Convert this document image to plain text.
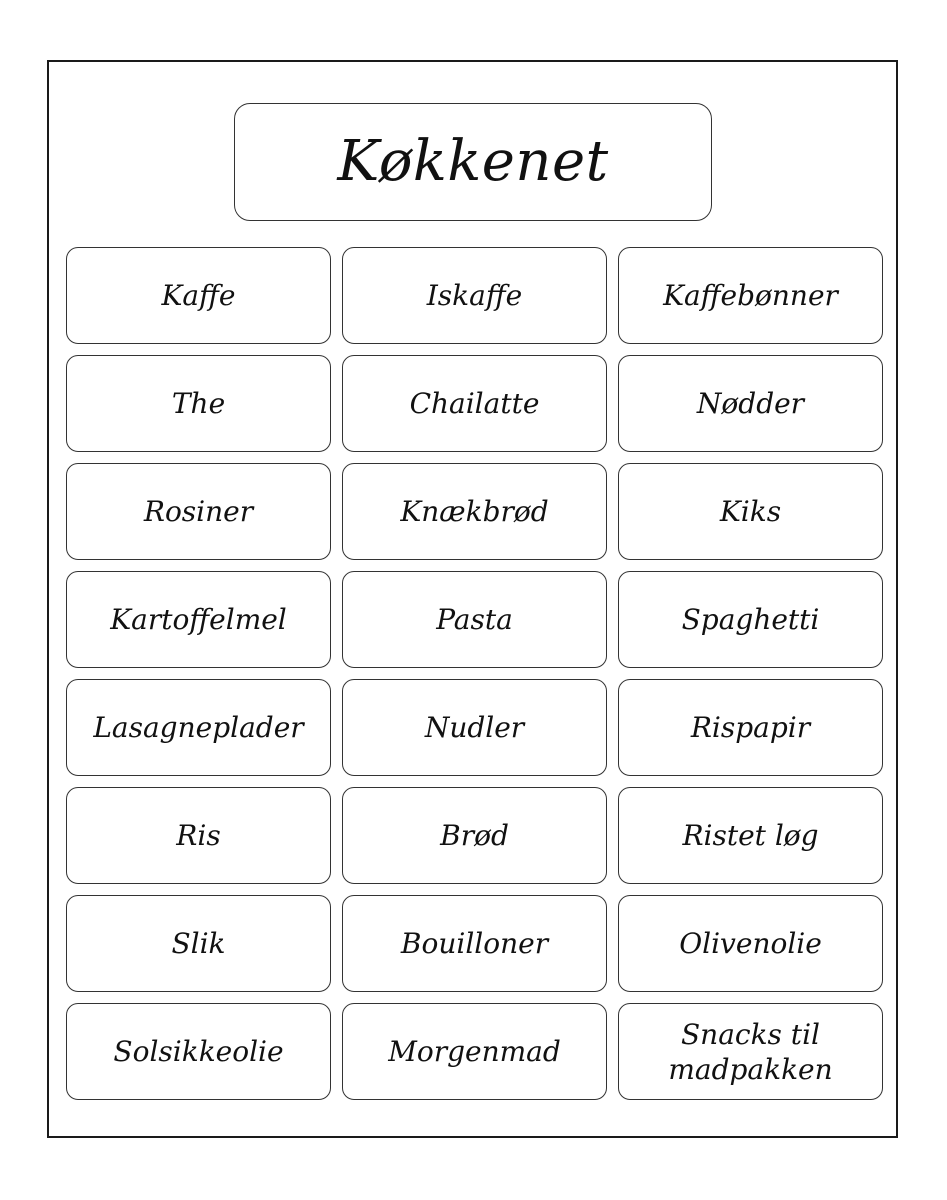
Køkkenet
Kaffe	Iskaffe	Kaffebønner
The	Chailatte	Nødder
Rosiner	Knækbrød	Kiks
Kartoffelmel	Pasta	Spaghetti
Lasagneplader	Nudler	Rispapir
Ris	Brød	Ristet løg
Slik	Bouilloner	Olivenolie
Solsikkeolie	Morgenmad
Snacks til
madpakken
